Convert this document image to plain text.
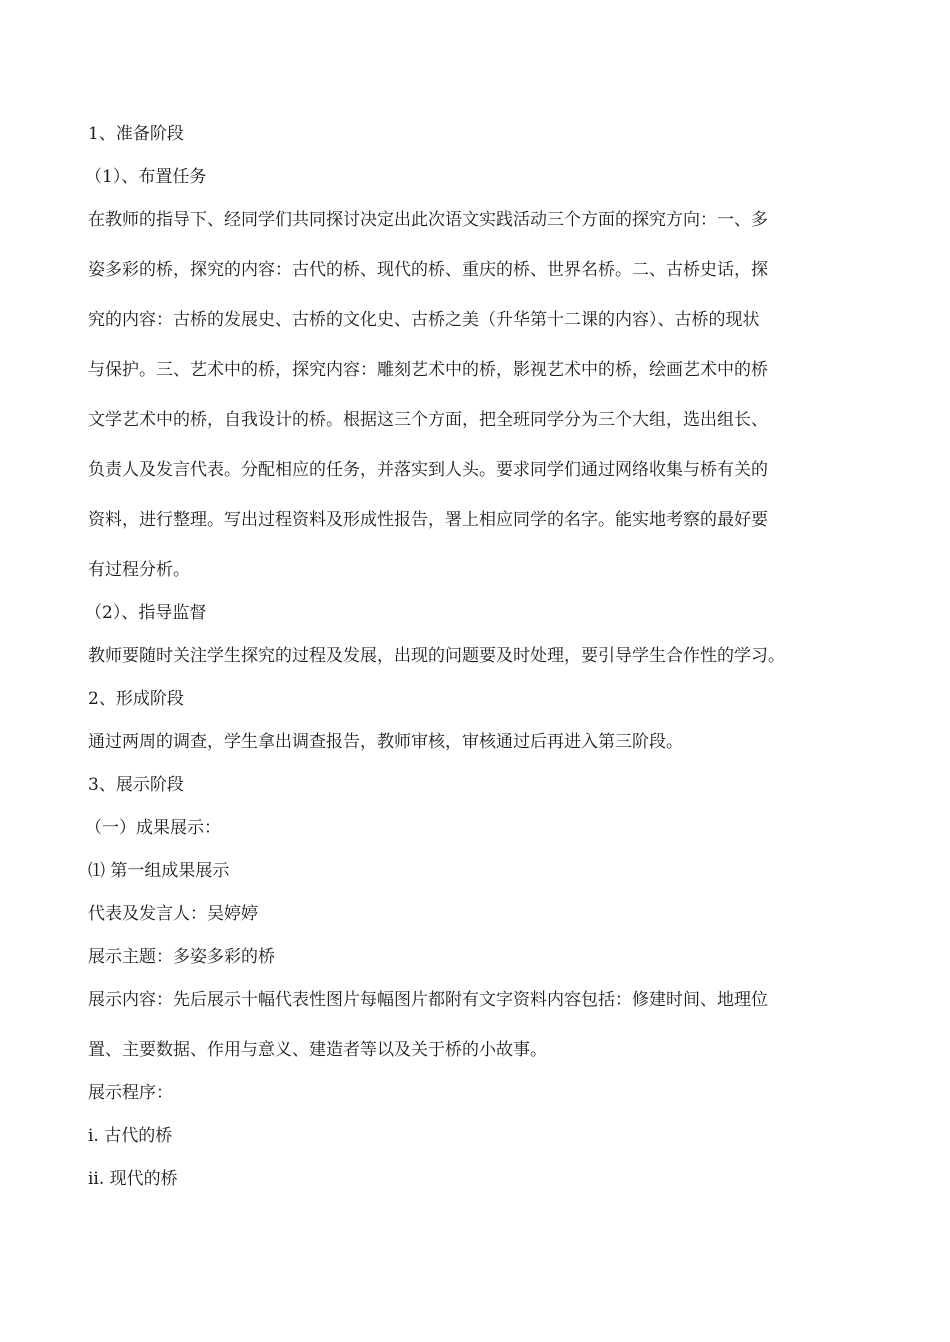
1、准备阶段
（1）、布置任务
在教师的指导下、经同学们共同探讨决定出此次语文实践活动三个方面的探究方向：一、多
姿多彩的桥，探究的内容：古代的桥、现代的桥、重庆的桥、世界名桥。二、古桥史话，探
究的内容：古桥的发展史、古桥的文化史、古桥之美（升华第十二课的内容）、古桥的现状
与保护。三、艺术中的桥，探究内容：雕刻艺术中的桥，影视艺术中的桥，绘画艺术中的桥
文学艺术中的桥，自我设计的桥。根据这三个方面，把全班同学分为三个大组，选出组长、
负责人及发言代表。分配相应的任务，并落实到人头。要求同学们通过网络收集与桥有关的
资料，进行整理。写出过程资料及形成性报告，署上相应同学的名字。能实地考察的最好要
有过程分析。
（2）、指导监督
教师要随时关注学生探究的过程及发展，出现的问题要及时处理，要引导学生合作性的学习。
2、形成阶段
通过两周的调查，学生拿出调查报告，教师审核，审核通过后再进入第三阶段。
3、展示阶段
（一）成果展示：
⑴ 第一组成果展示
代表及发言人：吴婷婷
展示主题：多姿多彩的桥
展示内容：先后展示十幅代表性图片每幅图片都附有文字资料内容包括：修建时间、地理位
置、主要数据、作用与意义、建造者等以及关于桥的小故事。
展示程序：
i. 古代的桥
ii. 现代的桥
